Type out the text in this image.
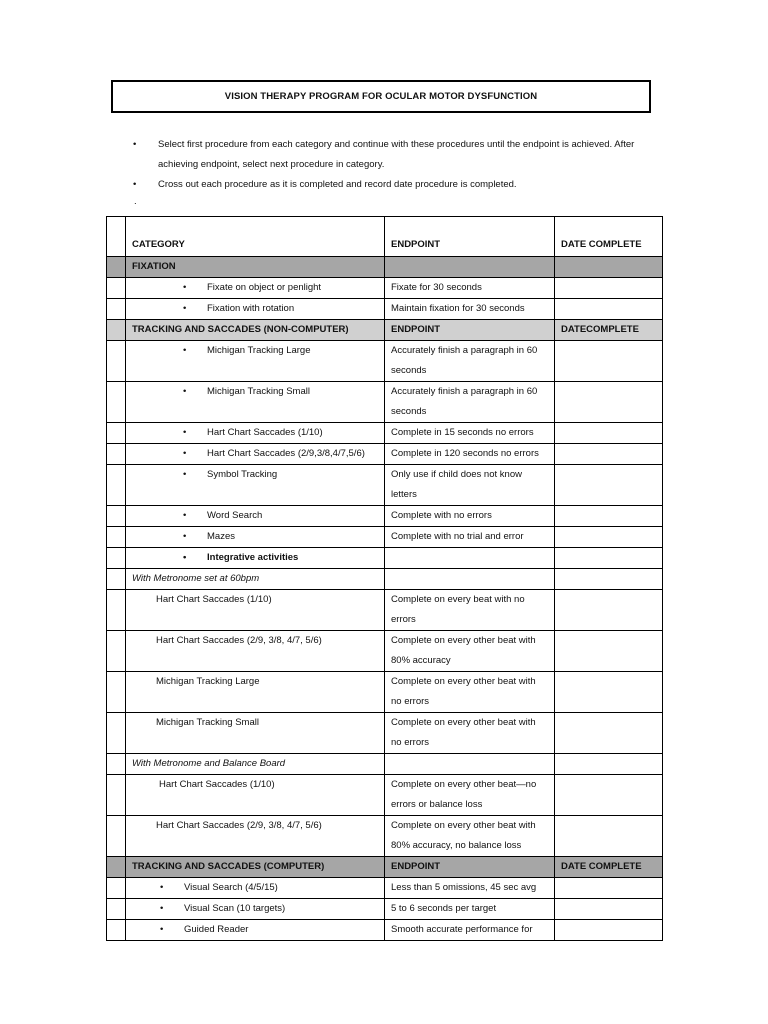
VISION THERAPY PROGRAM FOR OCULAR MOTOR DYSFUNCTION
• Select first procedure from each category and continue with these procedures until the endpoint is achieved. After achieving endpoint, select next procedure in category.
• Cross out each procedure as it is completed and record date procedure is completed.
.
	CATEGORY	ENDPOINT	DATE COMPLETE
	FIXATION		

	• Fixate on object or penlight	Fixate for 30 seconds	

	• Fixation with rotation	Maintain fixation for 30 seconds	
	TRACKING AND SACCADES (NON-COMPUTER)	ENDPOINT	DATECOMPLETE

	• Michigan Tracking Large	Accurately finish a paragraph in 60 seconds	

	• Michigan Tracking Small	Accurately finish a paragraph in 60 seconds	

	• Hart Chart Saccades (1/10)	Complete in 15 seconds no errors	

	• Hart Chart Saccades (2/9,3/8,4/7,5/6)	Complete in 120 seconds no errors	

	• Symbol Tracking	Only use if child does not know letters	

	• Word Search	Complete with no errors	

	• Mazes	Complete with no trial and error	

	• Integrative activities		

	With Metronome set at 60bpm		

	Hart Chart Saccades (1/10)	Complete on every beat with no errors	

	Hart Chart Saccades (2/9, 3/8, 4/7, 5/6)	Complete on every other beat with 80% accuracy	

	Michigan Tracking Large	Complete on every other beat with no errors	

	Michigan Tracking Small	Complete on every other beat with no errors	
	With Metronome and Balance Board		

	Hart Chart Saccades (1/10)	Complete on every other beat—no errors or balance loss	

	Hart Chart Saccades (2/9, 3/8, 4/7, 5/6)	Complete on every other beat with 80% accuracy, no balance loss	
	TRACKING AND SACCADES (COMPUTER)	ENDPOINT	DATE COMPLETE

	• Visual Search (4/5/15)	Less than 5 omissions, 45 sec avg	

	• Visual Scan (10 targets)	5 to 6 seconds per target	

	• Guided Reader	Smooth accurate performance for	
